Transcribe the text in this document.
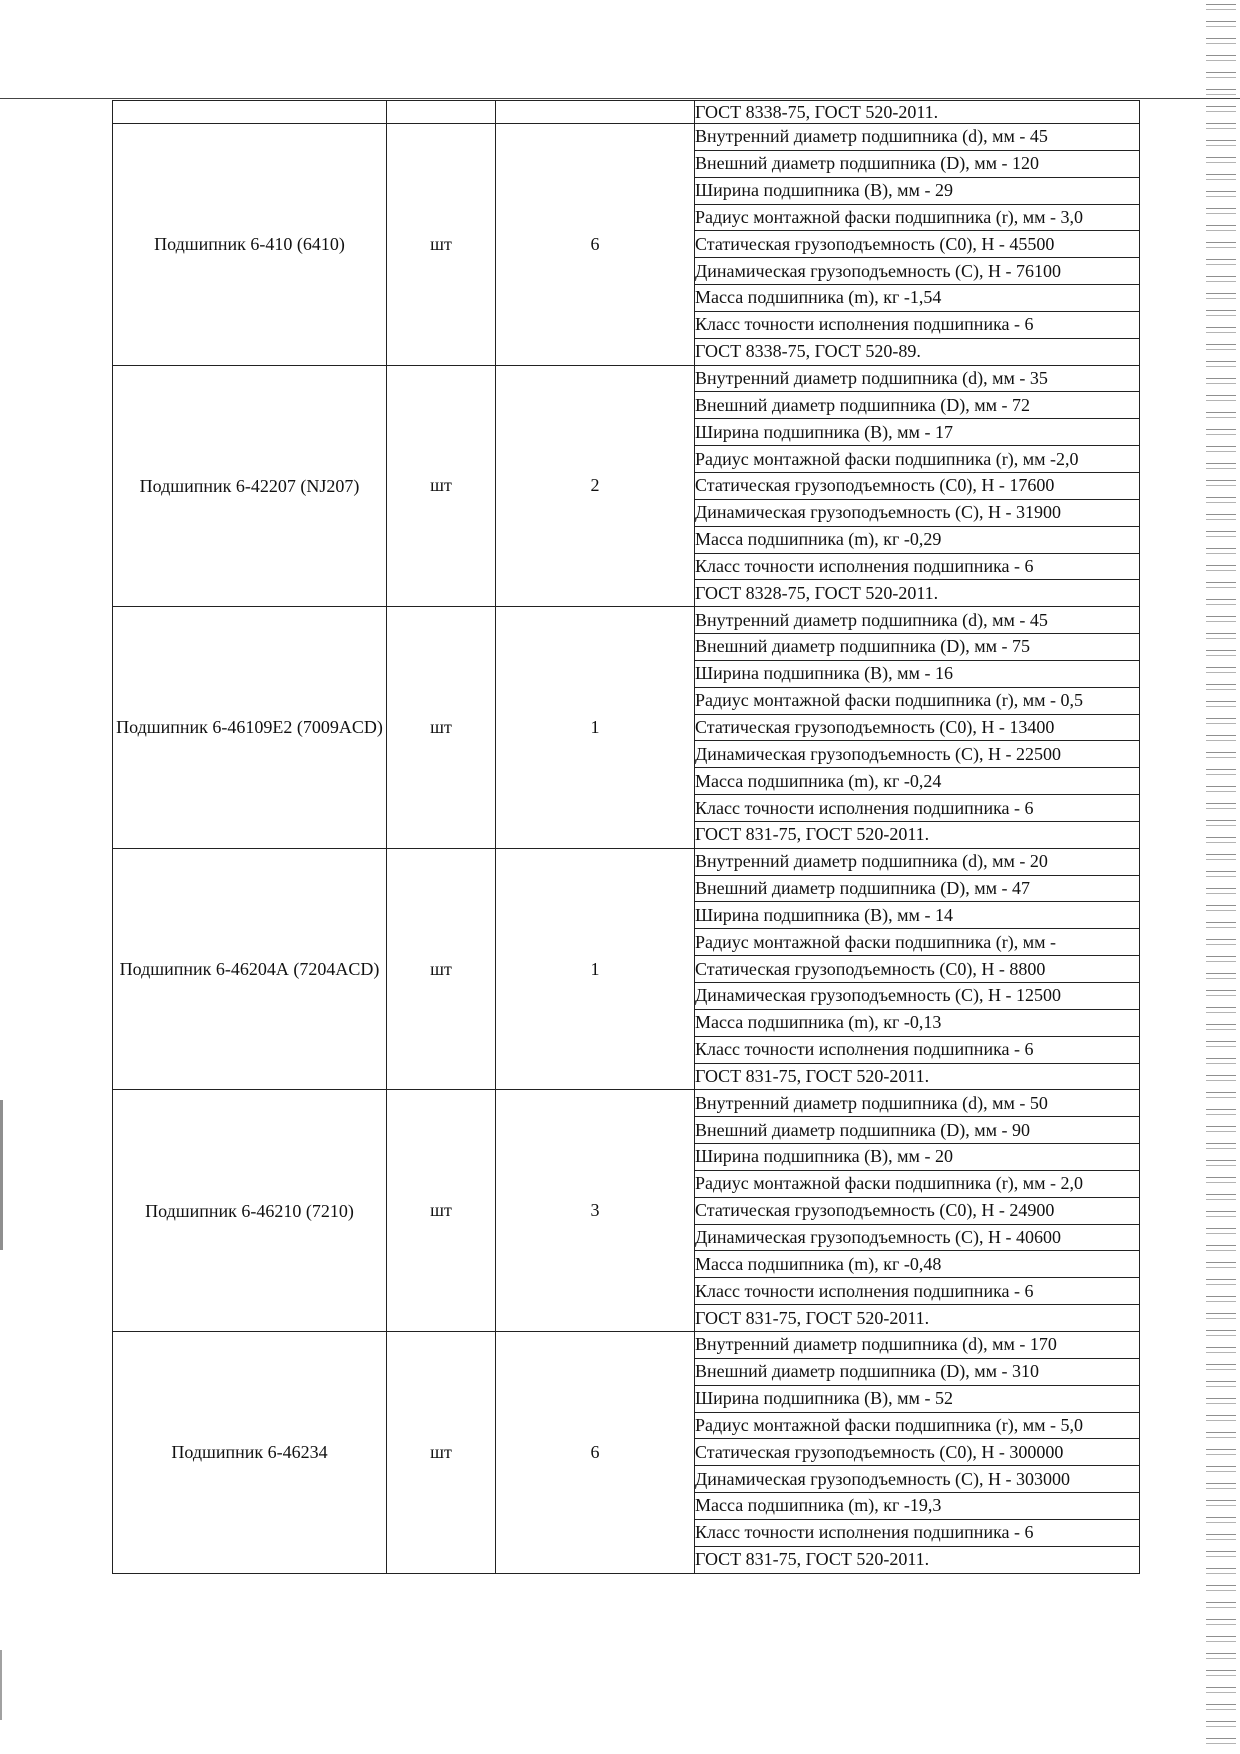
			ГОСТ 8338-75, ГОСТ 520-2011.
Подшипник 6-410 (6410)	шт	6	Внутренний диаметр подшипника (d), мм - 45
			Внешний диаметр подшипника (D), мм - 120
			Ширина подшипника (B), мм - 29
			Радиус монтажной фаски подшипника (r), мм - 3,0
			Статическая грузоподъемность (C0), Н - 45500
			Динамическая грузоподъемность (С), Н - 76100
			Масса подшипника (m), кг -1,54
			Класс точности исполнения подшипника - 6
			ГОСТ 8338-75, ГОСТ 520-89.
Подшипник 6-42207 (NJ207)	шт	2	Внутренний диаметр подшипника (d), мм - 35
			Внешний диаметр подшипника (D), мм - 72
			Ширина подшипника (B), мм - 17
			Радиус монтажной фаски подшипника (r), мм -2,0
			Статическая грузоподъемность (C0), Н - 17600
			Динамическая грузоподъемность (С), Н - 31900
			Масса подшипника (m), кг -0,29
			Класс точности исполнения подшипника - 6
			ГОСТ 8328-75, ГОСТ 520-2011.
Подшипник 6-46109Е2 (7009ACD)	шт	1	Внутренний диаметр подшипника (d), мм - 45
			Внешний диаметр подшипника (D), мм - 75
			Ширина подшипника (B), мм - 16
			Радиус монтажной фаски подшипника (r), мм - 0,5
			Статическая грузоподъемность (C0), Н - 13400
			Динамическая грузоподъемность (С), Н - 22500
			Масса подшипника (m), кг -0,24
			Класс точности исполнения подшипника - 6
			ГОСТ 831-75, ГОСТ 520-2011.
Подшипник 6-46204А (7204ACD)	шт	1	Внутренний диаметр подшипника (d), мм - 20
			Внешний диаметр подшипника (D), мм - 47
			Ширина подшипника (B), мм - 14
			Радиус монтажной фаски подшипника (r), мм -
			Статическая грузоподъемность (C0), Н - 8800
			Динамическая грузоподъемность (С), Н - 12500
			Масса подшипника (m), кг -0,13
			Класс точности исполнения подшипника - 6
			ГОСТ 831-75, ГОСТ 520-2011.
Подшипник 6-46210 (7210)	шт	3	Внутренний диаметр подшипника (d), мм - 50
			Внешний диаметр подшипника (D), мм - 90
			Ширина подшипника (B), мм - 20
			Радиус монтажной фаски подшипника (r), мм - 2,0
			Статическая грузоподъемность (C0), Н - 24900
			Динамическая грузоподъемность (С), Н - 40600
			Масса подшипника (m), кг -0,48
			Класс точности исполнения подшипника - 6
			ГОСТ 831-75, ГОСТ 520-2011.
Подшипник 6-46234	шт	6	Внутренний диаметр подшипника (d), мм - 170
			Внешний диаметр подшипника (D), мм - 310
			Ширина подшипника (B), мм - 52
			Радиус монтажной фаски подшипника (r), мм - 5,0
			Статическая грузоподъемность (C0), Н - 300000
			Динамическая грузоподъемность (С), Н - 303000
			Масса подшипника (m), кг -19,3
			Класс точности исполнения подшипника - 6
			ГОСТ 831-75, ГОСТ 520-2011.
